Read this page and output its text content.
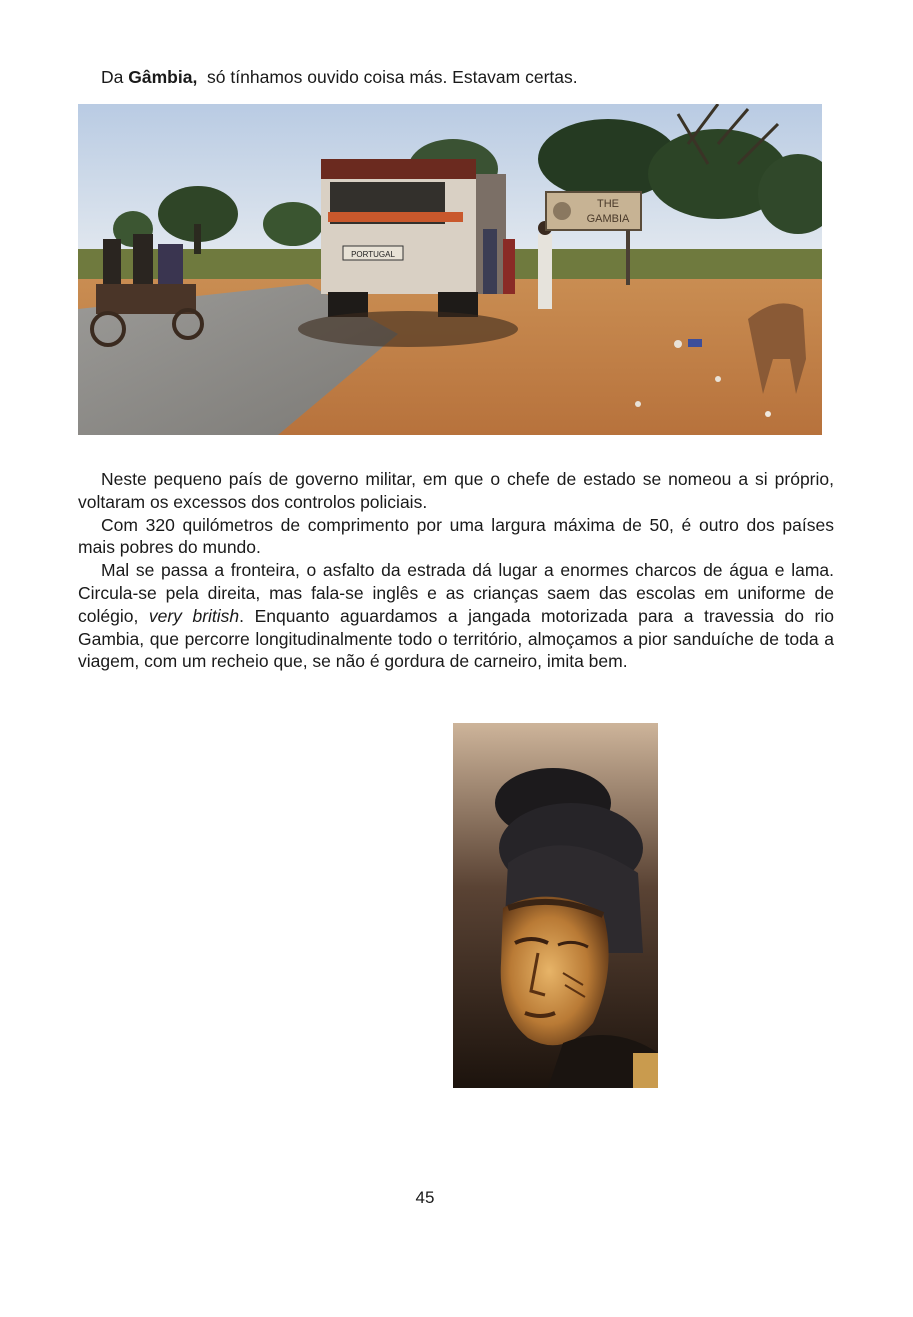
Da Gâmbia, só tínhamos ouvido coisa más. Estavam certas.
PORTUGAL
THE
GAMBIA

Neste pequeno país de governo militar, em que o chefe de estado se nomeou a si próprio, voltaram os excessos dos controlos policiais.

Com 320 quilómetros de comprimento por uma largura máxima de 50, é outro dos países mais pobres do mundo.

Mal se passa a fronteira, o asfalto da estrada dá lugar a enormes charcos de água e lama. Circula-se pela direita, mas fala-se inglês e as crianças saem das escolas em uniforme de colégio, very british. Enquanto aguardamos a jangada motorizada para a travessia do rio Gambia, que percorre longitudinalmente todo o território, almoçamos a pior sanduíche de toda a viagem, com um recheio que, se não é gordura de carneiro, imita bem.

45
